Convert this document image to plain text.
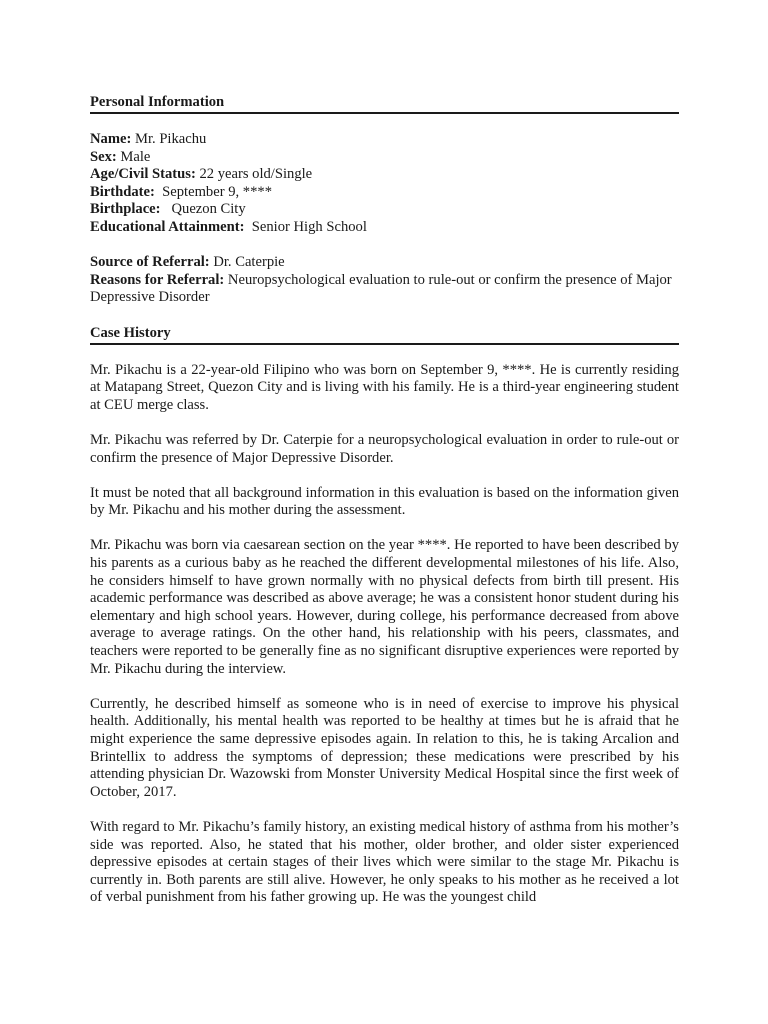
Personal Information
Name: Mr. Pikachu
Sex: Male
Age/Civil Status: 22 years old/Single
Birthdate:  September 9, ****
Birthplace:   Quezon City
Educational Attainment:  Senior High School
Source of Referral: Dr. Caterpie
Reasons for Referral: Neuropsychological evaluation to rule-out or confirm the presence of Major Depressive Disorder
Case History

Mr. Pikachu is a 22-year-old Filipino who was born on September 9, ****. He is currently residing at Matapang Street, Quezon City and is living with his family. He is a third-year engineering student at CEU merge class.

Mr. Pikachu was referred by Dr. Caterpie for a neuropsychological evaluation in order to rule-out or confirm the presence of Major Depressive Disorder.

It must be noted that all background information in this evaluation is based on the information given by Mr. Pikachu and his mother during the assessment.

Mr. Pikachu was born via caesarean section on the year ****. He reported to have been described by his parents as a curious baby as he reached the different developmental milestones of his life. Also, he considers himself to have grown normally with no physical defects from birth till present. His academic performance was described as above average; he was a consistent honor student during his elementary and high school years. However, during college, his performance decreased from above average to average ratings. On the other hand, his relationship with his peers, classmates, and teachers were reported to be generally fine as no significant disruptive experiences were reported by Mr. Pikachu during the interview.

Currently, he described himself as someone who is in need of exercise to improve his physical health. Additionally, his mental health was reported to be healthy at times but he is afraid that he might experience the same depressive episodes again. In relation to this, he is taking Arcalion and Brintellix to address the symptoms of depression; these medications were prescribed by his attending physician Dr. Wazowski from Monster University Medical Hospital since the first week of October, 2017.

With regard to Mr. Pikachu’s family history, an existing medical history of asthma from his mother’s side was reported. Also, he stated that his mother, older brother, and older sister experienced depressive episodes at certain stages of their lives which were similar to the stage Mr. Pikachu is currently in. Both parents are still alive. However, he only speaks to his mother as he received a lot of verbal punishment from his father growing up. He was the youngest child
